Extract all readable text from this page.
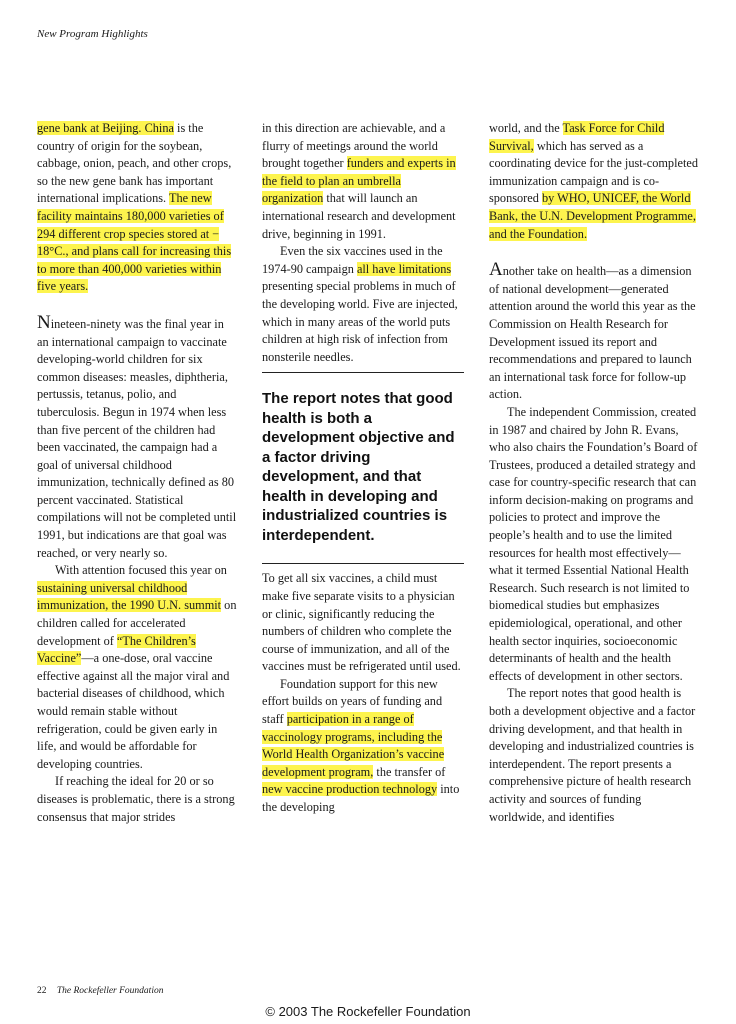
New Program Highlights

gene bank at Beijing. China is the country of origin for the soybean, cabbage, onion, peach, and other crops, so the new gene bank has important international implications. The new facility maintains 180,000 varieties of 294 different crop species stored at − 18°C., and plans call for increasing this to more than 400,000 varieties within five years.

Nineteen-ninety was the final year in an international campaign to vaccinate developing-world children for six common diseases: measles, diphtheria, pertussis, tetanus, polio, and tuberculosis. Begun in 1974 when less than five percent of the children had been vaccinated, the campaign had a goal of universal childhood immunization, technically defined as 80 percent vaccinated. Statistical compilations will not be completed until 1991, but indications are that goal was reached, or very nearly so.

With attention focused this year on sustaining universal childhood immunization, the 1990 U.N. summit on children called for accelerated development of “The Children’s Vaccine”—a one-dose, oral vaccine effective against all the major viral and bacterial diseases of childhood, which would remain stable without refrigeration, could be given early in life, and would be affordable for developing countries.

If reaching the ideal for 20 or so diseases is problematic, there is a strong consensus that major strides

in this direction are achievable, and a flurry of meetings around the world brought together funders and experts in the field to plan an umbrella organization that will launch an international research and development drive, beginning in 1991.

Even the six vaccines used in the 1974-90 campaign all have limitations presenting special problems in much of the developing world. Five are injected, which in many areas of the world puts children at high risk of infection from nonsterile needles.

The report notes that good health is both a development objective and a factor driving development, and that health in developing and industrialized countries is interdependent.

To get all six vaccines, a child must make five separate visits to a physician or clinic, significantly reducing the numbers of children who complete the course of immunization, and all of the vaccines must be refrigerated until used.

Foundation support for this new effort builds on years of funding and staff participation in a range of vaccinology programs, including the World Health Organization’s vaccine development program, the transfer of new vaccine production technology into the developing

world, and the Task Force for Child Survival, which has served as a coordinating device for the just-completed immunization campaign and is co-sponsored by WHO, UNICEF, the World Bank, the U.N. Development Programme, and the Foundation.

Another take on health—as a dimension of national development—generated attention around the world this year as the Commission on Health Research for Development issued its report and recommendations and prepared to launch an international task force for follow-up action.

The independent Commission, created in 1987 and chaired by John R. Evans, who also chairs the Foundation’s Board of Trustees, produced a detailed strategy and case for country-specific research that can inform decision-making on programs and policies to protect and improve the people’s health and to use the limited resources for health most effectively—what it termed Essential National Health Research. Such research is not limited to biomedical studies but emphasizes epidemiological, operational, and other health sector inquiries, socioeconomic determinants of health and the health effects of development in other sectors.

The report notes that good health is both a development objective and a factor driving development, and that health in developing and industrialized countries is interdependent. The report presents a comprehensive picture of health research activity and sources of funding worldwide, and identifies

22 The Rockefeller Foundation
© 2003 The Rockefeller Foundation
